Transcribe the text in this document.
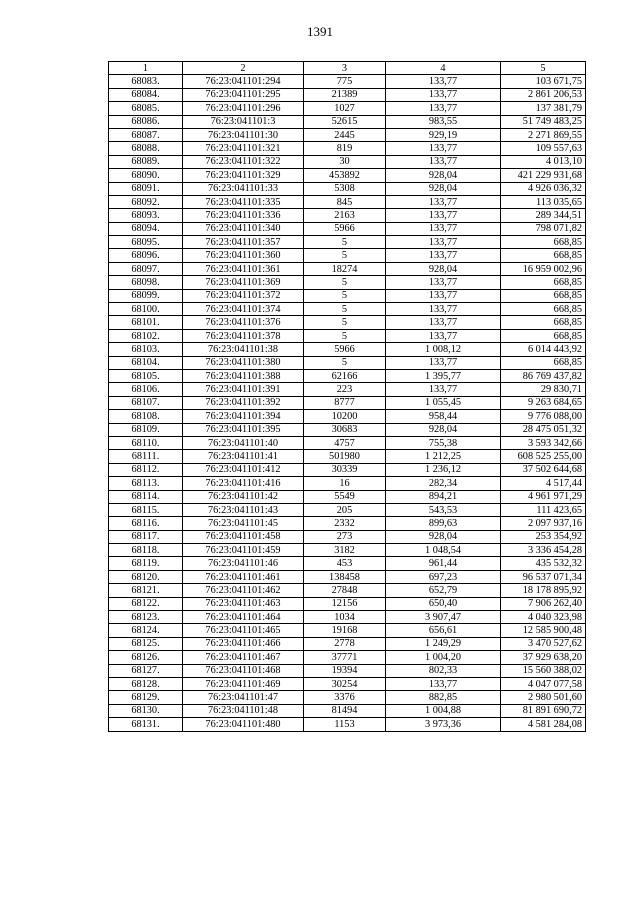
1391
1	2	3	4	5
68083.	76:23:041101:294	775	133,77	103 671,75
68084.	76:23:041101:295	21389	133,77	2 861 206,53
68085.	76:23:041101:296	1027	133,77	137 381,79
68086.	76:23:041101:3	52615	983,55	51 749 483,25
68087.	76:23:041101:30	2445	929,19	2 271 869,55
68088.	76:23:041101:321	819	133,77	109 557,63
68089.	76:23:041101:322	30	133,77	4 013,10
68090.	76:23:041101:329	453892	928,04	421 229 931,68
68091.	76:23:041101:33	5308	928,04	4 926 036,32
68092.	76:23:041101:335	845	133,77	113 035,65
68093.	76:23:041101:336	2163	133,77	289 344,51
68094.	76:23:041101:340	5966	133,77	798 071,82
68095.	76:23:041101:357	5	133,77	668,85
68096.	76:23:041101:360	5	133,77	668,85
68097.	76:23:041101:361	18274	928,04	16 959 002,96
68098.	76:23:041101:369	5	133,77	668,85
68099.	76:23:041101:372	5	133,77	668,85
68100.	76:23:041101:374	5	133,77	668,85
68101.	76:23:041101:376	5	133,77	668,85
68102.	76:23:041101:378	5	133,77	668,85
68103.	76:23:041101:38	5966	1 008,12	6 014 443,92
68104.	76:23:041101:380	5	133,77	668,85
68105.	76:23:041101:388	62166	1 395,77	86 769 437,82
68106.	76:23:041101:391	223	133,77	29 830,71
68107.	76:23:041101:392	8777	1 055,45	9 263 684,65
68108.	76:23:041101:394	10200	958,44	9 776 088,00
68109.	76:23:041101:395	30683	928,04	28 475 051,32
68110.	76:23:041101:40	4757	755,38	3 593 342,66
68111.	76:23:041101:41	501980	1 212,25	608 525 255,00
68112.	76:23:041101:412	30339	1 236,12	37 502 644,68
68113.	76:23:041101:416	16	282,34	4 517,44
68114.	76:23:041101:42	5549	894,21	4 961 971,29
68115.	76:23:041101:43	205	543,53	111 423,65
68116.	76:23:041101:45	2332	899,63	2 097 937,16
68117.	76:23:041101:458	273	928,04	253 354,92
68118.	76:23:041101:459	3182	1 048,54	3 336 454,28
68119.	76:23:041101:46	453	961,44	435 532,32
68120.	76:23:041101:461	138458	697,23	96 537 071,34
68121.	76:23:041101:462	27848	652,79	18 178 895,92
68122.	76:23:041101:463	12156	650,40	7 906 262,40
68123.	76:23:041101:464	1034	3 907,47	4 040 323,98
68124.	76:23:041101:465	19168	656,61	12 585 900,48
68125.	76:23:041101:466	2778	1 249,29	3 470 527,62
68126.	76:23:041101:467	37771	1 004,20	37 929 638,20
68127.	76:23:041101:468	19394	802,33	15 560 388,02
68128.	76:23:041101:469	30254	133,77	4 047 077,58
68129.	76:23:041101:47	3376	882,85	2 980 501,60
68130.	76:23:041101:48	81494	1 004,88	81 891 690,72
68131.	76:23:041101:480	1153	3 973,36	4 581 284,08
